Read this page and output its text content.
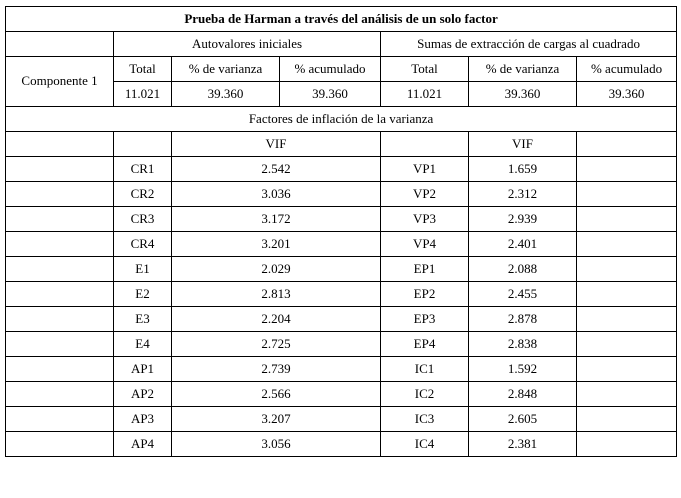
Prueba de Harman a través del análisis de un solo factor						
	Autovalores iniciales			Sumas de extracción de cargas al cuadrado		
Componente 1	Total	% de varianza	% acumulado	Total	% de varianza	% acumulado
	11.021	39.360	39.360	11.021	39.360	39.360
Factores de inflación de la varianza						
		VIF			VIF	
	CR1	2.542		VP1	1.659	
	CR2	3.036		VP2	2.312	
	CR3	3.172		VP3	2.939	
	CR4	3.201		VP4	2.401	
	E1	2.029		EP1	2.088	
	E2	2.813		EP2	2.455	
	E3	2.204		EP3	2.878	
	E4	2.725		EP4	2.838	
	AP1	2.739		IC1	1.592	
	AP2	2.566		IC2	2.848	
	AP3	3.207		IC3	2.605	
	AP4	3.056		IC4	2.381	
